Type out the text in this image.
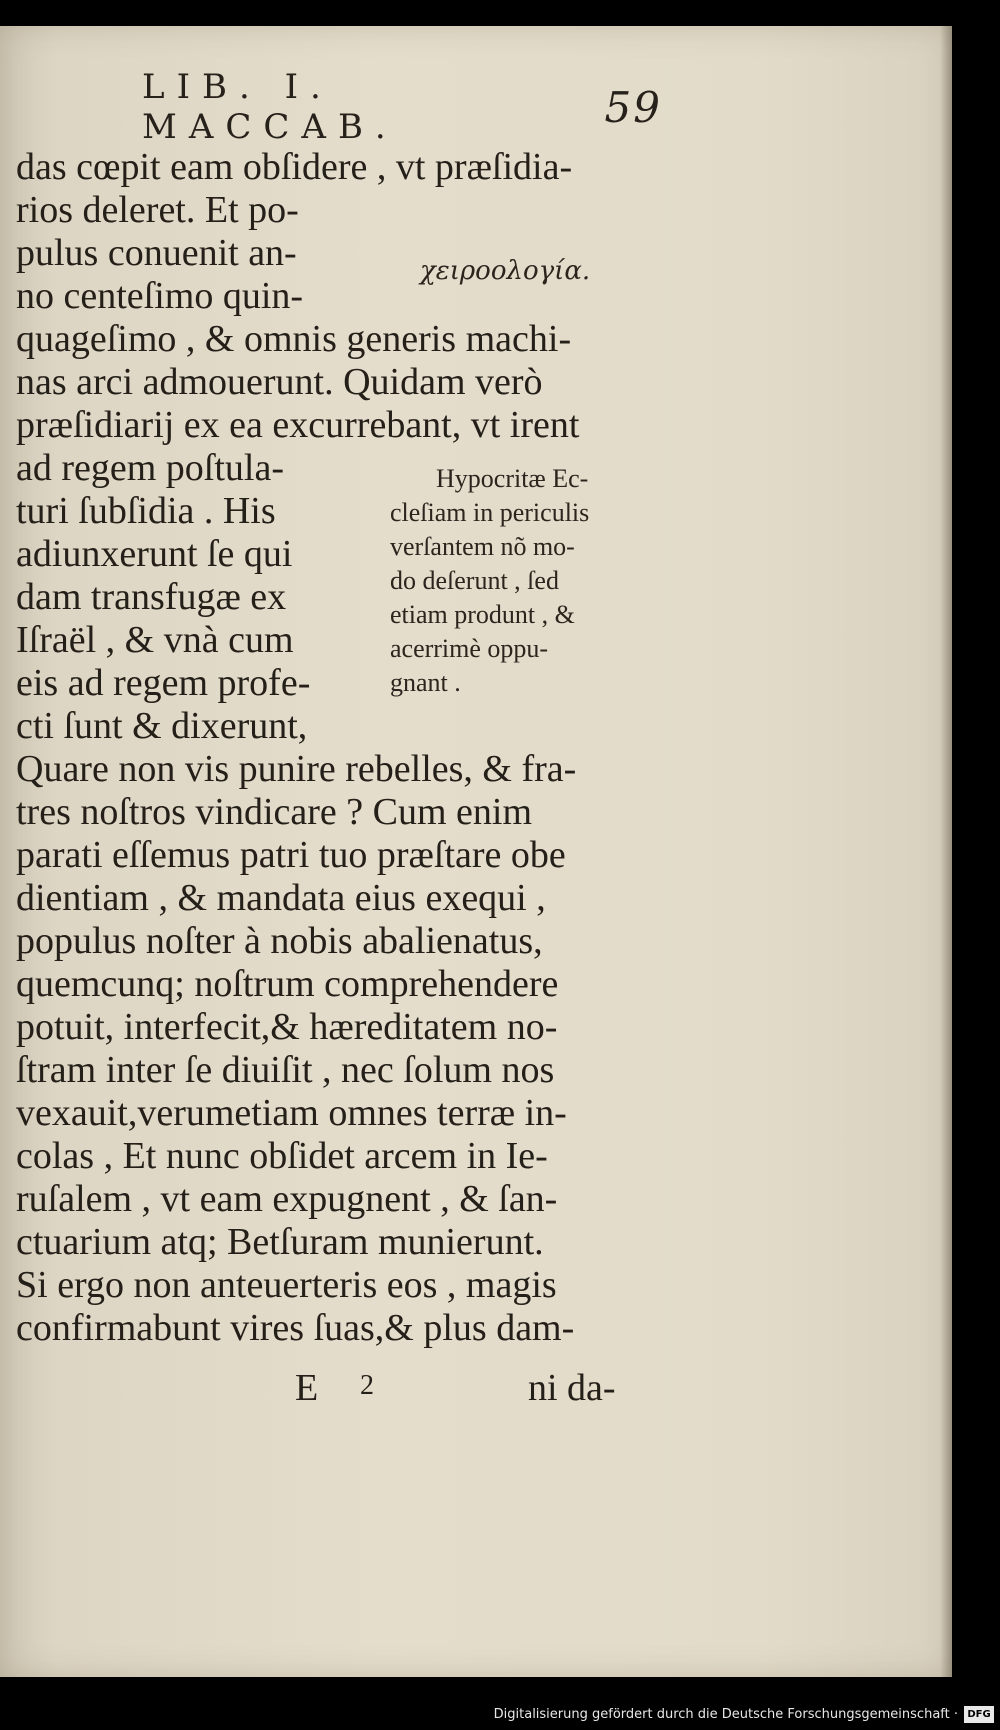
LIB. I. MACCAB.	59
das cœpit eam obſidere , vt præſidia-
rios deleret. Et po-
pulus conuenit an-
no centeſimo quin-
quageſimo , & omnis generis machi-
nas arci admouerunt. Quidam verò
præſidiarij ex ea excurrebant, vt irent
ad regem poſtula-
turi ſubſidia . His
adiunxerunt ſe qui
dam transfugæ ex
Iſraël , & vnà cum
eis ad regem profe-
cti ſunt & dixerunt,
Quare non vis punire rebelles, & fra-
tres noſtros vindicare ? Cum enim
parati eſſemus patri tuo præſtare obe
dientiam , & mandata eius exequi ,
populus noſter à nobis abalienatus,
quemcunq; noſtrum comprehendere
potuit, interfecit,& hæreditatem no-
ſtram inter ſe diuiſit , nec ſolum nos
vexauit,verumetiam omnes terræ in-
colas , Et nunc obſidet arcem in Ie-
ruſalem , vt eam expugnent , & ſan-
ctuarium atq; Betſuram munierunt.
Si ergo non anteuerteris eos , magis
confirmabunt vires ſuas,& plus dam-
χειροολογία.
Hypocritæ Ec-
cleſiam in periculis
verſantem nõ mo-
do deſerunt , ſed
etiam produnt , &
acerrimè oppu-
gnant .
E 2	ni da-
Digitalisierung gefördert durch die Deutsche Forschungsgemeinschaft · DFG
